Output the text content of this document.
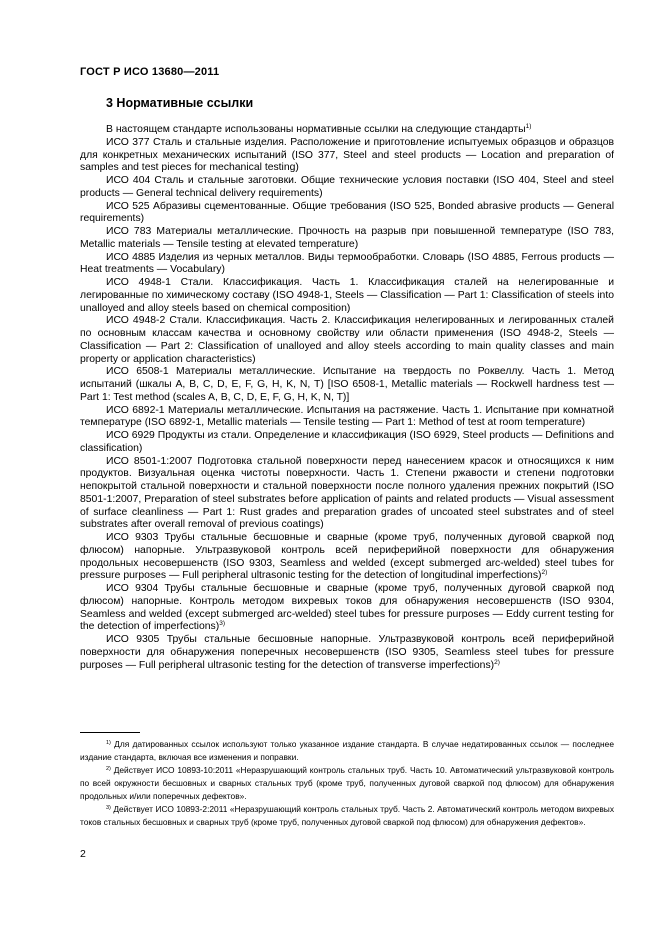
ГОСТ Р ИСО 13680—2011
3 Нормативные ссылки

В настоящем стандарте использованы нормативные ссылки на следующие стандарты$^{1)}$

ИСО 377 Сталь и стальные изделия. Расположение и приготовление испытуемых образцов и образцов для конкретных механических испытаний (ISO 377, Steel and steel products — Location and preparation of samples and test pieces for mechanical testing)

ИСО 404 Сталь и стальные заготовки. Общие технические условия поставки (ISO 404, Steel and steel products — General technical delivery requirements)

ИСО 525 Абразивы сцементованные. Общие требования (ISO 525, Bonded abrasive products — General requirements)

ИСО 783 Материалы металлические. Прочность на разрыв при повышенной температуре (ISO 783, Metallic materials — Tensile testing at elevated temperature)

ИСО 4885 Изделия из черных металлов. Виды термообработки. Словарь (ISO 4885, Ferrous products — Heat treatments — Vocabulary)

ИСО 4948-1 Стали. Классификация. Часть 1. Классификация сталей на нелегированные и легированные по химическому составу (ISO 4948-1, Steels — Classification — Part 1: Classification of steels into unalloyed and alloy steels based on chemical composition)

ИСО 4948-2 Стали. Классификация. Часть 2. Классификация нелегированных и легированных сталей по основным классам качества и основному свойству или области применения (ISO 4948-2, Steels — Classification — Part 2: Classification of unalloyed and alloy steels according to main quality classes and main property or application characteristics)

ИСО 6508-1 Материалы металлические. Испытание на твердость по Роквеллу. Часть 1. Метод испытаний (шкалы A, B, C, D, E, F, G, H, K, N, T) [ISO 6508-1, Metallic materials — Rockwell hardness test — Part 1: Test method (scales A, B, C, D, E, F, G, H, K, N, T)]

ИСО 6892-1 Материалы металлические. Испытания на растяжение. Часть 1. Испытание при комнатной температуре (ISO 6892-1, Metallic materials — Tensile testing — Part 1: Method of test at room temperature)

ИСО 6929 Продукты из стали. Определение и классификация (ISO 6929, Steel products — Definitions and classification)

ИСО 8501-1:2007 Подготовка стальной поверхности перед нанесением красок и относящихся к ним продуктов. Визуальная оценка чистоты поверхности. Часть 1. Степени ржавости и степени подготовки непокрытой стальной поверхности и стальной поверхности после полного удаления прежних покрытий (ISO 8501-1:2007, Preparation of steel substrates before application of paints and related products — Visual assessment of surface cleanliness — Part 1: Rust grades and preparation grades of uncoated steel substrates and of steel substrates after overall removal of previous coatings)

ИСО 9303 Трубы стальные бесшовные и сварные (кроме труб, полученных дуговой сваркой под флюсом) напорные. Ультразвуковой контроль всей периферийной поверхности для обнаружения продольных несовершенств (ISO 9303, Seamless and welded (except submerged arc-welded) steel tubes for pressure purposes — Full peripheral ultrasonic testing for the detection of longitudinal imperfections)$^{2)}$

ИСО 9304 Трубы стальные бесшовные и сварные (кроме труб, полученных дуговой сваркой под флюсом) напорные. Контроль методом вихревых токов для обнаружения несовершенств (ISO 9304, Seamless and welded (except submerged arc-welded) steel tubes for pressure purposes — Eddy current testing for the detection of imperfections)$^{3)}$

ИСО 9305 Трубы стальные бесшовные напорные. Ультразвуковой контроль всей периферийной поверхности для обнаружения поперечных несовершенств (ISO 9305, Seamless steel tubes for pressure purposes — Full peripheral ultrasonic testing for the detection of transverse imperfections)$^{2)}$

$^{1)}$ Для датированных ссылок используют только указанное издание стандарта. В случае недатированных ссылок — последнее издание стандарта, включая все изменения и поправки.

$^{2)}$ Действует ИСО 10893-10:2011 «Неразрушающий контроль стальных труб. Часть 10. Автоматический ультразвуковой контроль по всей окружности бесшовных и сварных стальных труб (кроме труб, полученных дуговой сваркой под флюсом) для обнаружения продольных и/или поперечных дефектов».

$^{3)}$ Действует ИСО 10893-2:2011 «Неразрушающий контроль стальных труб. Часть 2. Автоматический контроль методом вихревых токов стальных бесшовных и сварных труб (кроме труб, полученных дуговой сваркой под флюсом) для обнаружения дефектов».

2
